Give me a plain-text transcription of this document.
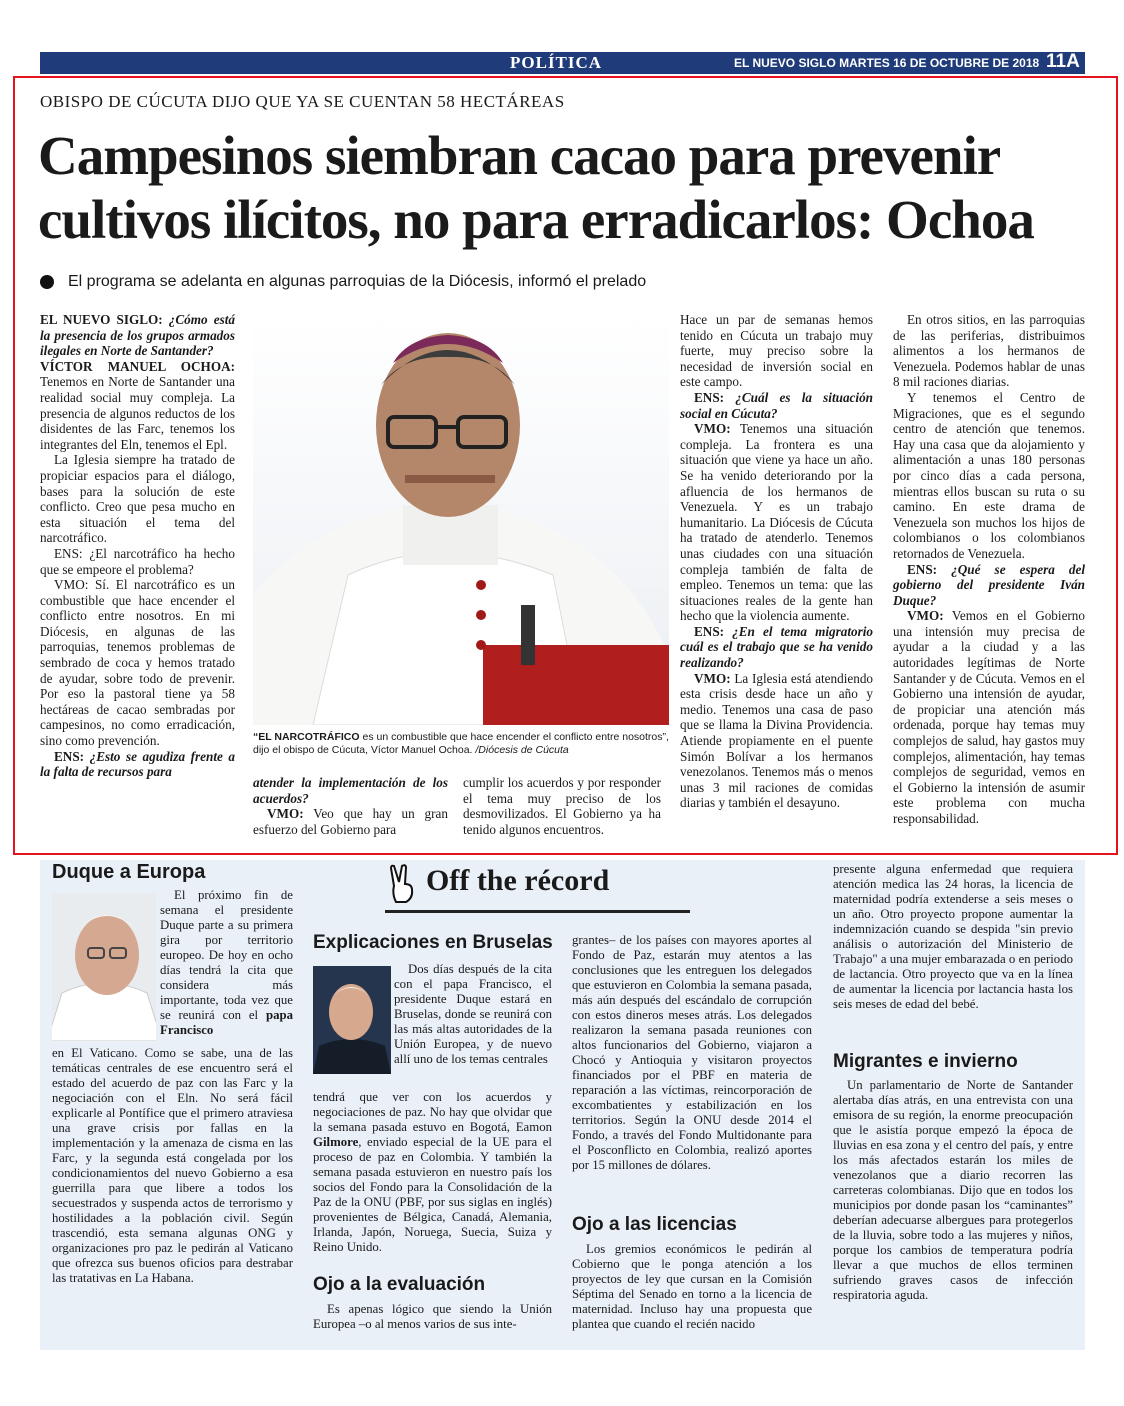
POLÍTICA	EL NUEVO SIGLO MARTES 16 DE OCTUBRE DE 2018 11A
OBISPO DE CÚCUTA DIJO QUE YA SE CUENTAN 58 HECTÁREAS
Campesinos siembran cacao para prevenir
cultivos ilícitos, no para erradicarlos: Ochoa
El programa se adelanta en algunas parroquias de la Diócesis, informó el prelado

EL NUEVO SIGLO: ¿Cómo está la presencia de los grupos armados ilegales en Norte de Santander?

VÍCTOR MANUEL OCHOA: Tenemos en Norte de Santander una realidad social muy compleja. La presencia de algunos reductos de los disidentes de las Farc, tenemos los integrantes del Eln, tenemos el Epl.

La Iglesia siempre ha tratado de propiciar espacios para el diálogo, bases para la solución de este conflicto. Creo que pesa mucho en esta situación el tema del narcotráfico.

ENS: ¿El narcotráfico ha hecho que se empeore el problema?

VMO: Sí. El narcotráfico es un combustible que hace encender el conflicto entre nosotros. En mi Diócesis, en algunas de las parroquias, tenemos problemas de sembrado de coca y hemos tratado de ayudar, sobre todo de prevenir. Por eso la pastoral tiene ya 58 hectáreas de cacao sembradas por campesinos, no como erradicación, sino como prevención.

ENS: ¿Esto se agudiza frente a la falta de recursos para

“EL NARCOTRÁFICO es un combustible que hace encender el conflicto entre nosotros”, dijo el obispo de Cúcuta, Víctor Manuel Ochoa. /Diócesis de Cúcuta

atender la implementación de los acuerdos?

VMO: Veo que hay un gran esfuerzo del Gobierno para

cumplir los acuerdos y por responder el tema muy preciso de los desmovilizados. El Gobierno ya ha tenido algunos encuentros.

Hace un par de semanas hemos tenido en Cúcuta un trabajo muy fuerte, muy preciso sobre la necesidad de inversión social en este campo.

ENS: ¿Cuál es la situación social en Cúcuta?

VMO: Tenemos una situación compleja. La frontera es una situación que viene ya hace un año. Se ha venido deteriorando por la afluencia de los hermanos de Venezuela. Y es un trabajo humanitario. La Diócesis de Cúcuta ha tratado de atenderlo. Tenemos unas ciudades con una situación compleja también de falta de empleo. Tenemos un tema: que las situaciones reales de la gente han hecho que la violencia aumente.

ENS: ¿En el tema migratorio cuál es el trabajo que se ha venido realizando?

VMO: La Iglesia está atendiendo esta crisis desde hace un año y medio. Tenemos una casa de paso que se llama la Divina Providencia. Atiende propiamente en el puente Simón Bolívar a los hermanos venezolanos. Tenemos más o menos unas 3 mil raciones de comidas diarias y también el desayuno.

En otros sitios, en las parroquias de las periferias, distribuimos alimentos a los hermanos de Venezuela. Podemos hablar de unas 8 mil raciones diarias.

Y tenemos el Centro de Migraciones, que es el segundo centro de atención que tenemos. Hay una casa que da alojamiento y alimentación a unas 180 personas por cinco días a cada persona, mientras ellos buscan su ruta o su camino. En este drama de Venezuela son muchos los hijos de colombianos o los colombianos retornados de Venezuela.

ENS: ¿Qué se espera del gobierno del presidente Iván Duque?

VMO: Vemos en el Gobierno una intensión muy precisa de ayudar a la ciudad y a las autoridades legítimas de Norte Santander y de Cúcuta. Vemos en el Gobierno una intensión de ayudar, de propiciar una atención más ordenada, porque hay temas muy complejos de salud, hay gastos muy complejos, alimentación, hay temas complejos de seguridad, vemos en el Gobierno la intensión de asumir este problema con mucha responsabilidad.

Off the récord
Duque a Europa

El próximo fin de semana el presidente Duque parte a su primera gira por territorio europeo. De hoy en ocho días tendrá la cita que considera más importante, toda vez que se reunirá con el papa Francisco

en El Vaticano. Como se sabe, una de las temáticas centrales de ese encuentro será el estado del acuerdo de paz con las Farc y la negociación con el Eln. No será fácil explicarle al Pontífice que el primero atraviesa una grave crisis por fallas en la implementación y la amenaza de cisma en las Farc, y la segunda está congelada por los condicionamientos del nuevo Gobierno a esa guerrilla para que libere a todos los secuestrados y suspenda actos de terrorismo y hostilidades a la población civil. Según trascendió, esta semana algunas ONG y organizaciones pro paz le pedirán al Vaticano que ofrezca sus buenos oficios para destrabar las tratativas en La Habana.

Explicaciones en Bruselas

Dos días después de la cita con el papa Francisco, el presidente Duque estará en Bruselas, donde se reunirá con las más altas autoridades de la Unión Europea, y de nuevo allí uno de los temas centrales

tendrá que ver con los acuerdos y negociaciones de paz. No hay que olvidar que la semana pasada estuvo en Bogotá, Eamon Gilmore, enviado especial de la UE para el proceso de paz en Colombia. Y también la semana pasada estuvieron en nuestro país los socios del Fondo para la Consolidación de la Paz de la ONU (PBF, por sus siglas en inglés) provenientes de Bélgica, Canadá, Alemania, Irlanda, Japón, Noruega, Suecia, Suiza y Reino Unido.

Ojo a la evaluación

Es apenas lógico que siendo la Unión Europea –o al menos varios de sus inte-

grantes– de los países con mayores aportes al Fondo de Paz, estarán muy atentos a las conclusiones que les entreguen los delegados que estuvieron en Colombia la semana pasada, más aún después del escándalo de corrupción con estos dineros meses atrás. Los delegados realizaron la semana pasada reuniones con altos funcionarios del Gobierno, viajaron a Chocó y Antioquia y visitaron proyectos financiados por el PBF en materia de reparación a las víctimas, reincorporación de excombatientes y estabilización en los territorios. Según la ONU desde 2014 el Fondo, a través del Fondo Multidonante para el Posconflicto en Colombia, realizó aportes por 15 millones de dólares.

Ojo a las licencias

Los gremios económicos le pedirán al Cobierno que le ponga atención a los proyectos de ley que cursan en la Comisión Séptima del Senado en torno a la licencia de maternidad. Incluso hay una propuesta que plantea que cuando el recién nacido

presente alguna enfermedad que requiera atención medica las 24 horas, la licencia de maternidad podría extenderse a seis meses o un año. Otro proyecto propone aumentar la indemnización cuando se despida "sin previo análisis o autorización del Ministerio de Trabajo" a una mujer embarazada o en periodo de lactancia. Otro proyecto que va en la línea de aumentar la licencia por lactancia hasta los seis meses de edad del bebé.

Migrantes e invierno

Un parlamentario de Norte de Santander alertaba días atrás, en una entrevista con una emisora de su región, la enorme preocupación que le asistía porque empezó la época de lluvias en esa zona y el centro del país, y entre los más afectados estarán los miles de venezolanos que a diario recorren las carreteras colombianas. Dijo que en todos los municipios por donde pasan los “caminantes” deberían adecuarse albergues para protegerlos de la lluvia, sobre todo a las mujeres y niños, porque los cambios de temperatura podría llevar a que muchos de ellos terminen sufriendo graves casos de infección respiratoria aguda.
